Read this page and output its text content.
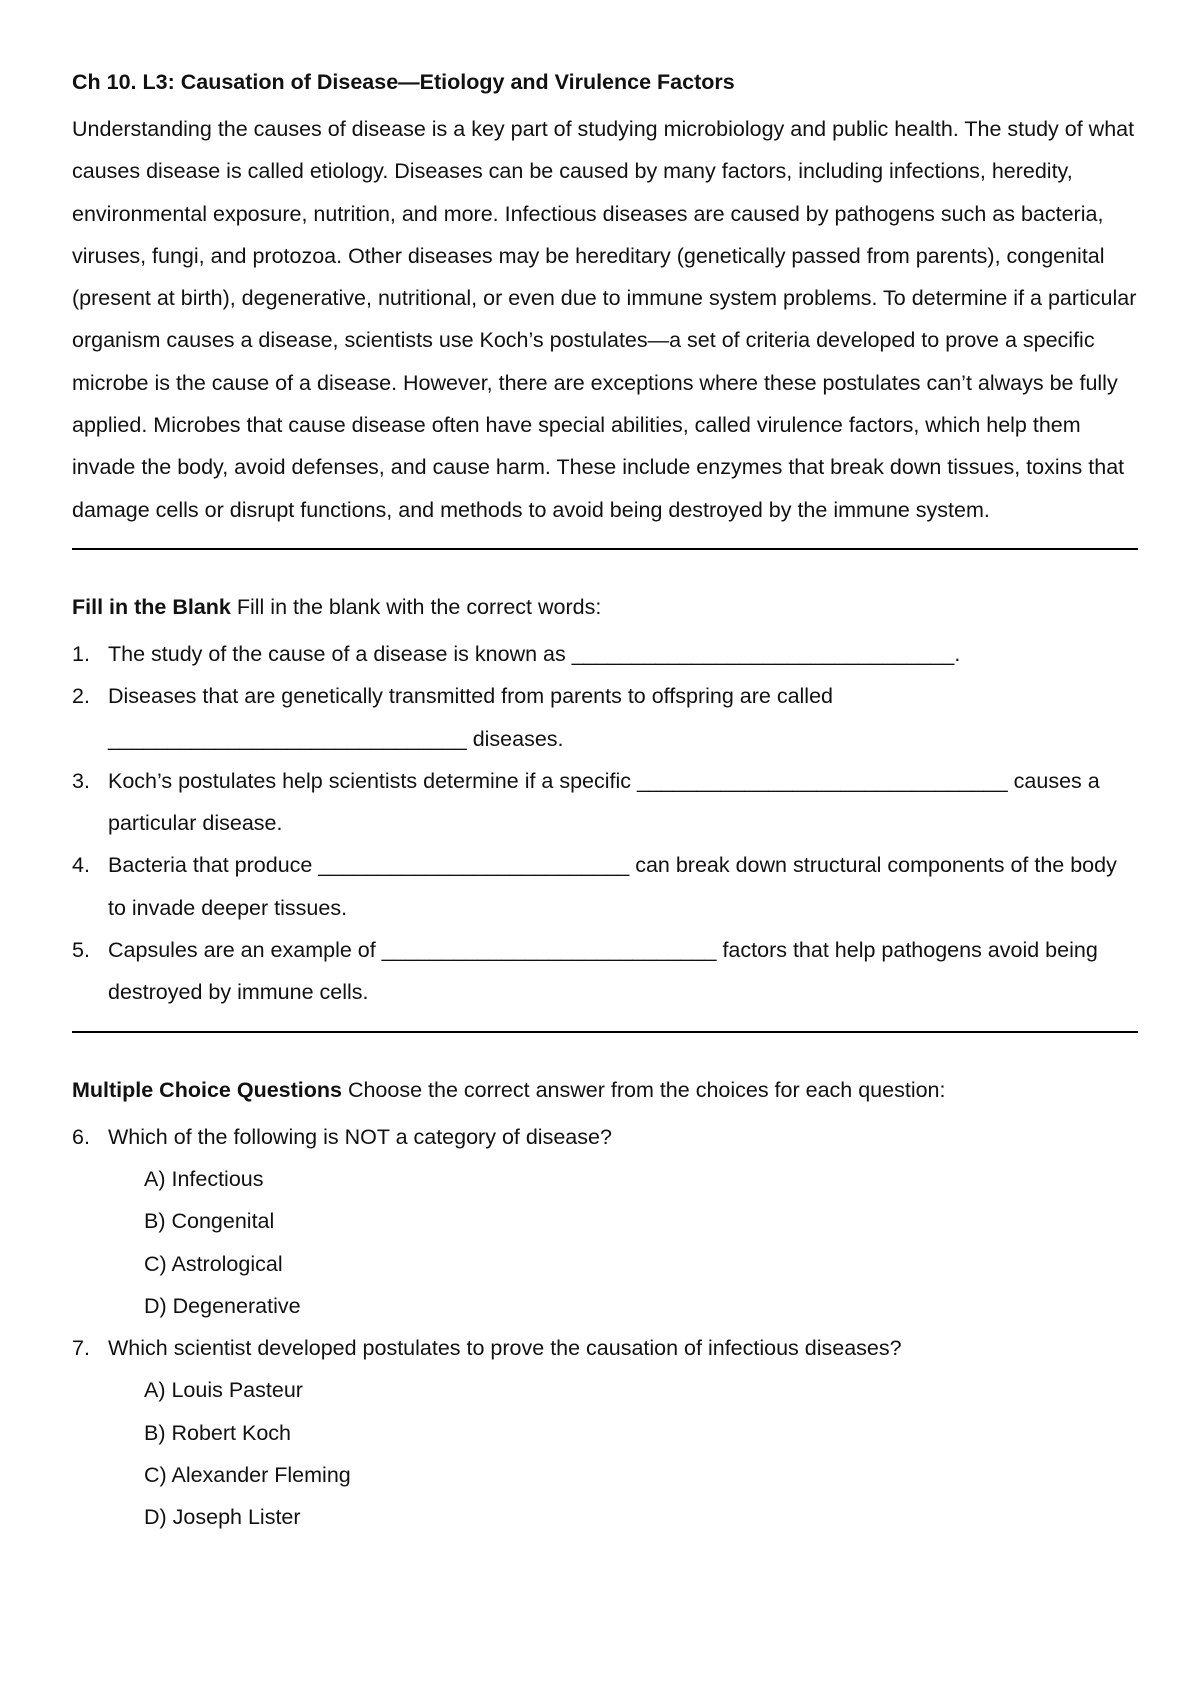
Ch 10. L3: Causation of Disease—Etiology and Virulence Factors

Understanding the causes of disease is a key part of studying microbiology and public health. The study of what causes disease is called etiology. Diseases can be caused by many factors, including infections, heredity, environmental exposure, nutrition, and more. Infectious diseases are caused by pathogens such as bacteria, viruses, fungi, and protozoa. Other diseases may be hereditary (genetically passed from parents), congenital (present at birth), degenerative, nutritional, or even due to immune system problems. To determine if a particular organism causes a disease, scientists use Koch’s postulates—a set of criteria developed to prove a specific microbe is the cause of a disease. However, there are exceptions where these postulates can’t always be fully applied. Microbes that cause disease often have special abilities, called virulence factors, which help them invade the body, avoid defenses, and cause harm. These include enzymes that break down tissues, toxins that damage cells or disrupt functions, and methods to avoid being destroyed by the immune system.

Fill in the Blank Fill in the blank with the correct words:
1. The study of the cause of a disease is known as ________________________________.
2. Diseases that are genetically transmitted from parents to offspring are called ______________________________ diseases.
3. Koch’s postulates help scientists determine if a specific _______________________________ causes a particular disease.
4. Bacteria that produce __________________________ can break down structural components of the body to invade deeper tissues.
5. Capsules are an example of ____________________________ factors that help pathogens avoid being destroyed by immune cells.
Multiple Choice Questions Choose the correct answer from the choices for each question:
6. Which of the following is NOT a category of disease?
A) Infectious
B) Congenital
C) Astrological
D) Degenerative
7. Which scientist developed postulates to prove the causation of infectious diseases?
A) Louis Pasteur
B) Robert Koch
C) Alexander Fleming
D) Joseph Lister
